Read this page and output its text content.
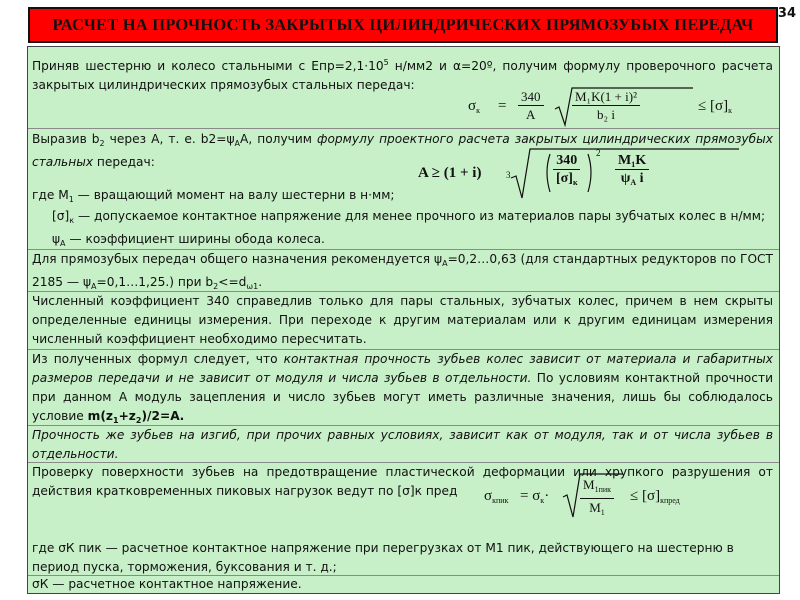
34
РАСЧЕТ НА ПРОЧНОСТЬ ЗАКРЫТЫХ ЦИЛИНДРИЧЕСКИХ ПРЯМОЗУБЫХ ПЕРЕДАЧ
Приняв шестерню и колесо стальными с $Епр=2,1\cdot 10^5$ н/мм2 и α=20º, получим формулу проверочного расчета закрытых цилиндрических прямозубых стальных передач:
$\sigma_к = \frac{340}{A} \frac{\text{M₁K(1 + i)²}}{\text{b₂ i}}$	≤ $[\sigma]_к$
Выразив $b_2$ через А, т. е. $b2=\psi_AA$, получим формулу проектного расчета закрытых цилиндрических прямозубых стальных передач:
A ≥ (1 + i)	3
340
$[\sigma]_к$
$2 \frac{\text{M₁K}}{\psi_A i}$
где $М_1$ — вращающий момент на валу шестерни в н·мм;
$[\sigma]_к$ — допускаемое контактное напряжение для менее прочного из материалов пары зубчатых колес в н/мм;
$\psi_A$ — коэффициент ширины обода колеса.
Для прямозубых передач общего назначения рекомендуется $\psi_A=0,2\dots 0,63$ (для стандартных редукторов по ГОСТ 2185 — $\psi_A=0,1\dots 1,25$.) при $b_2<=d_{\omega 1}$.
Численный коэффициент 340 справедлив только для пары стальных, зубчатых колес, причем в нем скрыты определенные единицы измерения. При переходе к другим материалам или к другим единицам измерения численный коэффициент необходимо пересчитать.
Из полученных формул следует, что контактная прочность зубьев колес зависит от материала и габаритных размеров передачи и не зависит от модуля и числа зубьев в отдельности. По условиям контактной прочности при данном А модуль зацепления и число зубьев могут иметь различные значения, лишь бы соблюдалось условие $m(z_1+z_2)/2=А$.
Прочность же зубьев на изгиб, при прочих равных условиях, зависит как от модуля, так и от числа зубьев в отдельности.
Проверку поверхности зубьев на предотвращение пластической деформации или хрупкого разрушения от действия кратковременных пиковых нагрузок ведут по [σ]к пред	$\sigma_{кпик} = \sigma_к\cdot$
$M_{1пик}$
$M_1$
≤ $[\sigma]_{кпред}$
где σК пик — расчетное контактное напряжение при перегрузках от М1 пик, действующего на шестерню в период пуска, торможения, буксования и т. д.;
σК — расчетное контактное напряжение.
